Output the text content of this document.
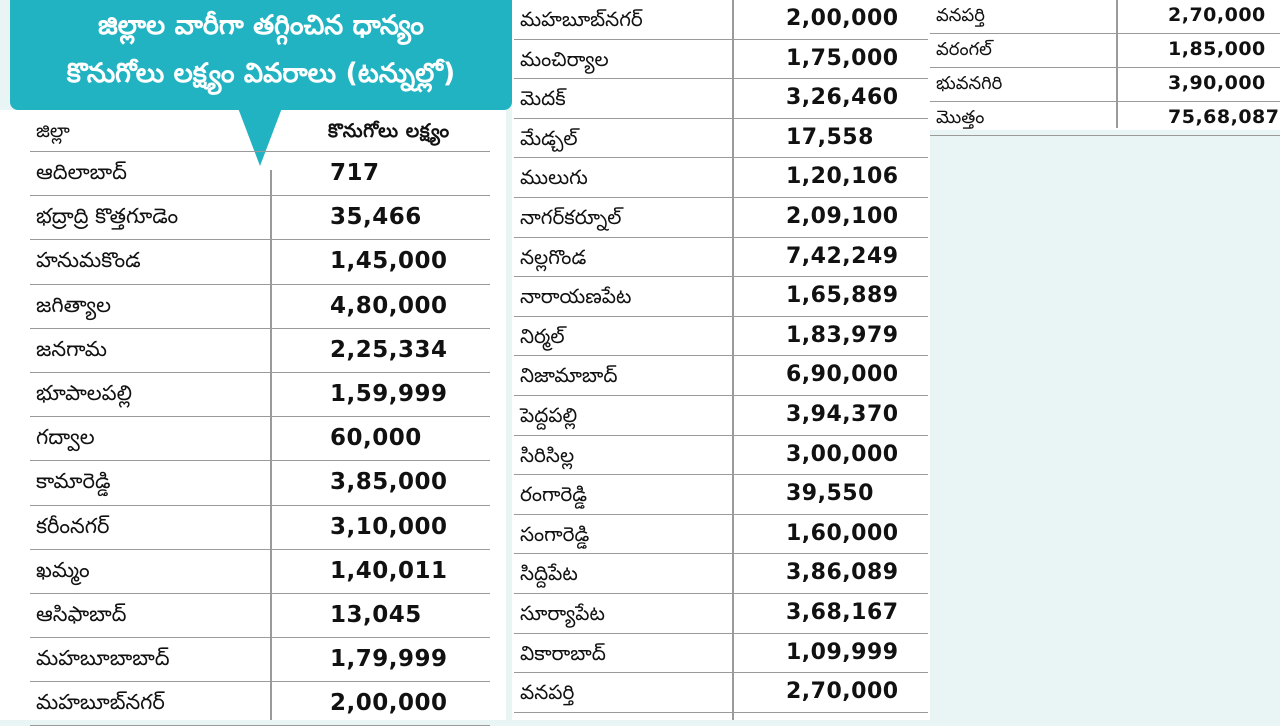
జిల్లాల వారీగా తగ్గించిన ధాన్యం
కొనుగోలు లక్ష్యం వివరాలు (టన్నుల్లో)
జిల్లా	కొనుగోలు లక్ష్యం
ఆదిలాబాద్	717
భద్రాద్రి కొత్తగూడెం	35,466
హనుమకొండ	1,45,000
జగిత్యాల	4,80,000
జనగామ	2,25,334
భూపాలపల్లి	1,59,999
గద్వాల	60,000
కామారెడ్డి	3,85,000
కరీంనగర్	3,10,000
ఖమ్మం	1,40,011
ఆసిఫాబాద్	13,045
మహబూబాబాద్	1,79,999
మహబూబ్‌నగర్	2,00,000
మహబూబ్‌నగర్	2,00,000
మంచిర్యాల	1,75,000
మెదక్	3,26,460
మేడ్చల్	17,558
ములుగు	1,20,106
నాగర్‌కర్నూల్	2,09,100
నల్లగొండ	7,42,249
నారాయణపేట	1,65,889
నిర్మల్	1,83,979
నిజామాబాద్	6,90,000
పెద్దపల్లి	3,94,370
సిరిసిల్ల	3,00,000
రంగారెడ్డి	39,550
సంగారెడ్డి	1,60,000
సిద్దిపేట	3,86,089
సూర్యాపేట	3,68,167
వికారాబాద్	1,09,999
వనపర్తి	2,70,000
వనపర్తి	2,70,000
వరంగల్	1,85,000
భువనగిరి	3,90,000
మొత్తం	75,68,087
